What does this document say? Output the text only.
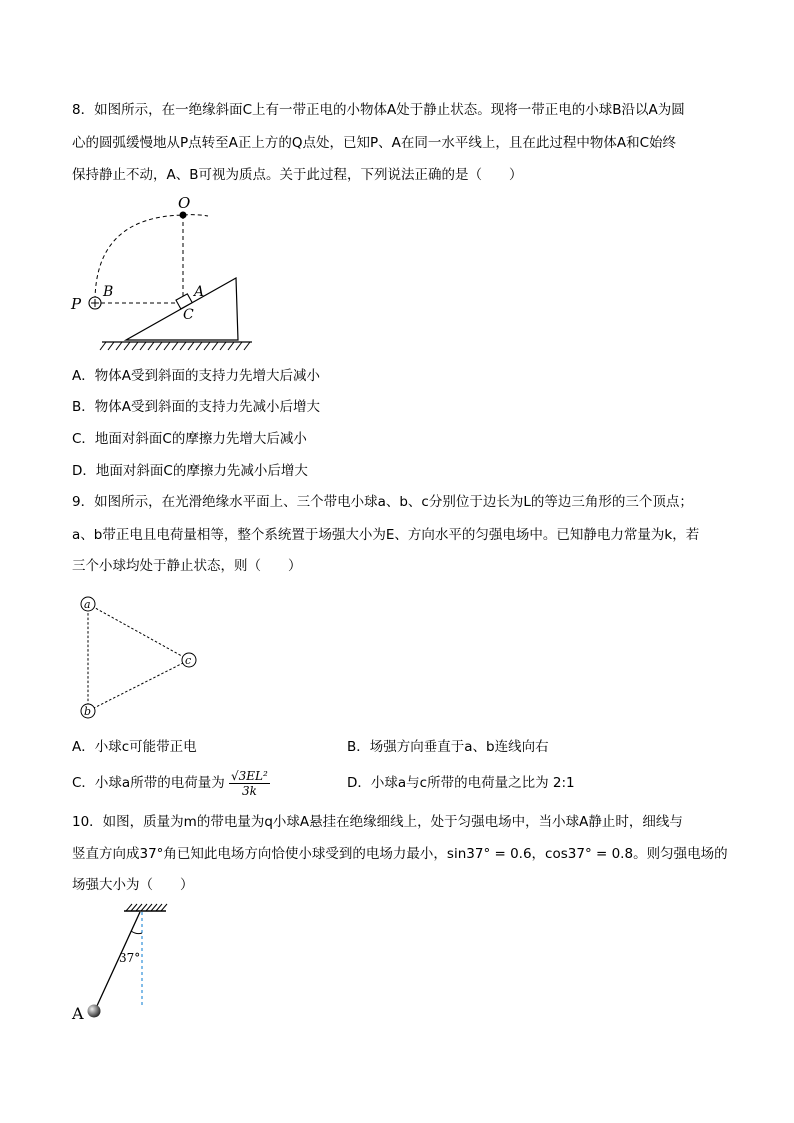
8．如图所示，在一绝缘斜面C上有一带正电的小物体A处于静止状态。现将一带正电的小球B沿以A为圆
心的圆弧缓慢地从P点转至A正上方的Q点处，已知P、A在同一水平线上，且在此过程中物体A和C始终
保持静止不动，A、B可视为质点。关于此过程，下列说法正确的是（　　）
O
A
B
C
P
A．物体A受到斜面的支持力先增大后减小
B．物体A受到斜面的支持力先减小后增大
C．地面对斜面C的摩擦力先增大后减小
D．地面对斜面C的摩擦力先减小后增大
9．如图所示，在光滑绝缘水平面上、三个带电小球a、b、c分别位于边长为L的等边三角形的三个顶点；
a、b带正电且电荷量相等，整个系统置于场强大小为E、方向水平的匀强电场中。已知静电力常量为k，若
三个小球均处于静止状态，则（　　）
a
c
b
A．小球c可能带正电	B．场强方向垂直于a、b连线向右
C．小球a所带的电荷量为 $\frac{\text{√3EL²}}{3k}$	D．小球a与c所带的电荷量之比为 2:1
10．如图，质量为m的带电量为q小球A悬挂在绝缘细线上，处于匀强电场中，当小球A静止时，细线与
竖直方向成37°角已知此电场方向恰使小球受到的电场力最小，sin37° = 0.6，cos37° = 0.8。则匀强电场的
场强大小为（　　）
37°
A
